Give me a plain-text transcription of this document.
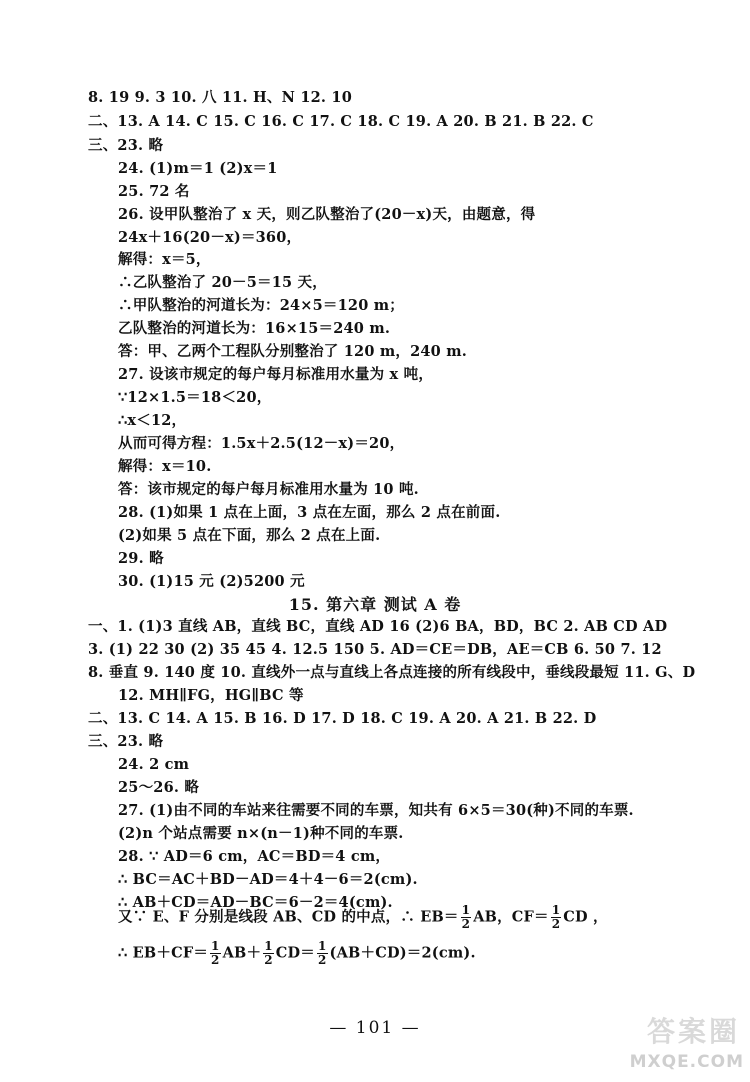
8. 19 9. 3 10. 八 11. H、N 12. 10
二、13. A 14. C 15. C 16. C 17. C 18. C 19. A 20. B 21. B 22. C
三、23. 略
24. (1)m＝1 (2)x＝1
25. 72 名
26. 设甲队整治了 x 天，则乙队整治了(20－x)天，由题意，得
24x＋16(20－x)＝360，
解得：x＝5，
∴乙队整治了 20－5＝15 天，
∴甲队整治的河道长为：24×5＝120 m；
乙队整治的河道长为：16×15＝240 m.
答：甲、乙两个工程队分别整治了 120 m，240 m.
27. 设该市规定的每户每月标准用水量为 x 吨，
∵12×1.5＝18＜20，
∴x＜12，
从而可得方程：1.5x＋2.5(12－x)＝20，
解得：x＝10.
答：该市规定的每户每月标准用水量为 10 吨.
28. (1)如果 1 点在上面，3 点在左面，那么 2 点在前面.
(2)如果 5 点在下面，那么 2 点在上面.
29. 略
30. (1)15 元 (2)5200 元
15. 第六章 测试 A 卷
一、1. (1)3 直线 AB，直线 BC，直线 AD 16 (2)6 BA，BD，BC 2. AB CD AD
3. (1) 22 30 (2) 35 45 4. 12.5 150 5. AD＝CE＝DB，AE＝CB 6. 50 7. 12
8. 垂直 9. 140 度 10. 直线外一点与直线上各点连接的所有线段中，垂线段最短 11. G、D
12. MH∥FG，HG∥BC 等
二、13. C 14. A 15. B 16. D 17. D 18. C 19. A 20. A 21. B 22. D
三、23. 略
24. 2 cm
25～26. 略
27. (1)由不同的车站来往需要不同的车票，知共有 6×5＝30(种)不同的车票.
(2)n 个站点需要 n×(n－1)种不同的车票.
28. ∵ AD＝6 cm，AC＝BD＝4 cm，
∴ BC＝AC＋BD－AD＝4＋4－6＝2(cm).
∴ AB＋CD＝AD－BC＝6－2＝4(cm).
又∵ E、F 分别是线段 AB、CD 的中点，∴ $EB= \frac{1}{2}$ AB，$CF= \frac{1}{2}$ CD ，
∴ $EB+CF= \frac{1}{2} AB+ \frac{1}{2} CD= \frac{1}{2} (AB+CD)=2(cm)$.
— 101 —	答案圈
MXQE.COM
